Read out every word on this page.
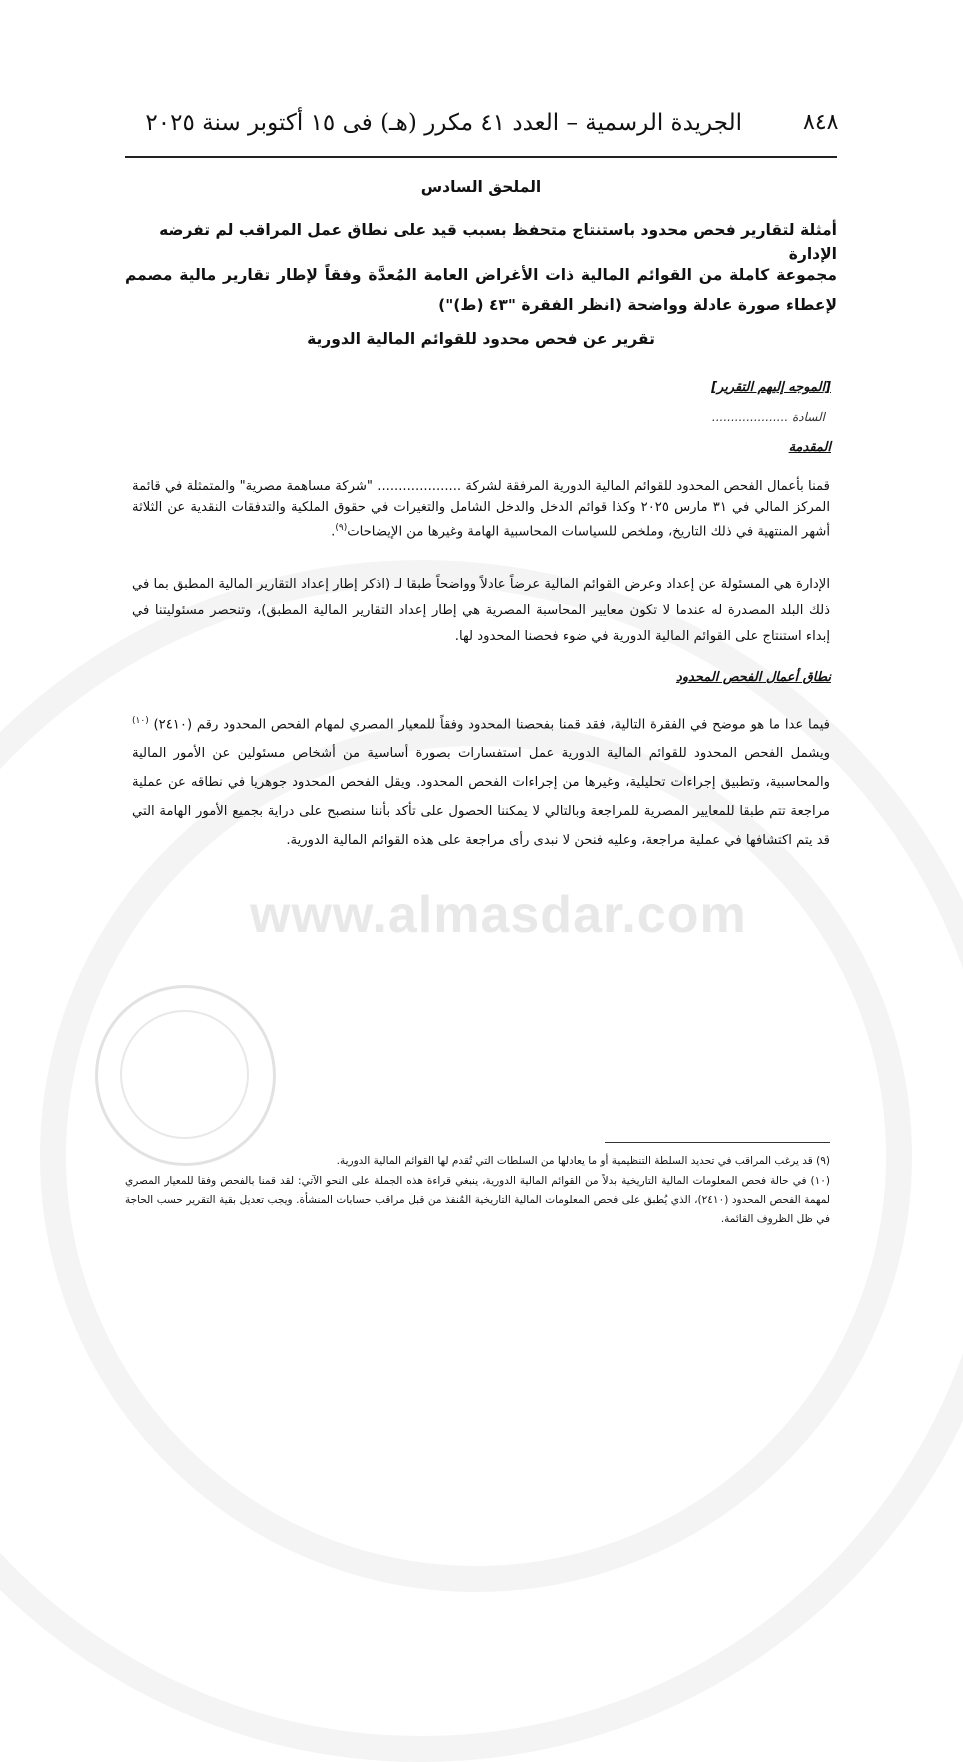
www.almasdar.com
٨٤٨
الجريدة الرسمية – العدد ٤١ مكرر (هـ) فى ١٥ أكتوبر سنة ٢٠٢٥
الملحق السادس
أمثلة لتقارير فحص محدود باستنتاج متحفظ بسبب قيد على نطاق عمل المراقب لم تفرضه الإدارة
مجموعة كاملة من القوائم المالية ذات الأغراض العامة المُعدَّة وفقاً لإطار تقارير مالية مصمم لإعطاء صورة عادلة وواضحة (انظر الفقرة "٤٣ (ط)")
تقرير عن فحص محدود للقوائم المالية الدورية
[الموجه إليهم التقرير]
السادة ....................
المقدمة
قمنا بأعمال الفحص المحدود للقوائم المالية الدورية المرفقة لشركة .................... "شركة مساهمة مصرية" والمتمثلة في قائمة المركز المالي في ٣١ مارس ٢٠٢٥ وكذا قوائم الدخل والدخل الشامل والتغيرات في حقوق الملكية والتدفقات النقدية عن الثلاثة أشهر المنتهية في ذلك التاريخ، وملخص للسياسات المحاسبية الهامة وغيرها من الإيضاحات$^{(٩)}$.
الإدارة هي المسئولة عن إعداد وعرض القوائم المالية عرضاً عادلاً وواضحاً طبقا لـ (اذكر إطار إعداد التقارير المالية المطبق بما في ذلك البلد المصدرة له عندما لا تكون معايير المحاسبة المصرية هي إطار إعداد التقارير المالية المطبق)، وتنحصر مسئوليتنا في إبداء استنتاج على القوائم المالية الدورية في ضوء فحصنا المحدود لها.
نطاق أعمال الفحص المحدود
فيما عدا ما هو موضح في الفقرة التالية، فقد قمنا بفحصنا المحدود وفقاً للمعيار المصري لمهام الفحص المحدود رقم (٢٤١٠) $^{(١٠)}$ ويشمل الفحص المحدود للقوائم المالية الدورية عمل استفسارات بصورة أساسية من أشخاص مسئولين عن الأمور المالية والمحاسبية، وتطبيق إجراءات تحليلية، وغيرها من إجراءات الفحص المحدود. ويقل الفحص المحدود جوهريا في نطاقه عن عملية مراجعة تتم طبقا للمعايير المصرية للمراجعة وبالتالي لا يمكننا الحصول على تأكد بأننا سنصبح على دراية بجميع الأمور الهامة التي قد يتم اكتشافها في عملية مراجعة، وعليه فنحن لا نبدى رأى مراجعة على هذه القوائم المالية الدورية.
(٩) قد يرغب المراقب في تحديد السلطة التنظيمية أو ما يعادلها من السلطات التي تُقدم لها القوائم المالية الدورية.
(١٠) في حالة فحص المعلومات المالية التاريخية بدلاً من القوائم المالية الدورية، ينبغي قراءة هذه الجملة على النحو الآتي: لقد قمنا بالفحص وفقا للمعيار المصري لمهمة الفحص المحدود (٢٤١٠)، الذي يُطبق على فحص المعلومات المالية التاريخية المُنفذ من قبل مراقب حسابات المنشأة. ويجب تعديل بقية التقرير حسب الحاجة في ظل الظروف القائمة.
